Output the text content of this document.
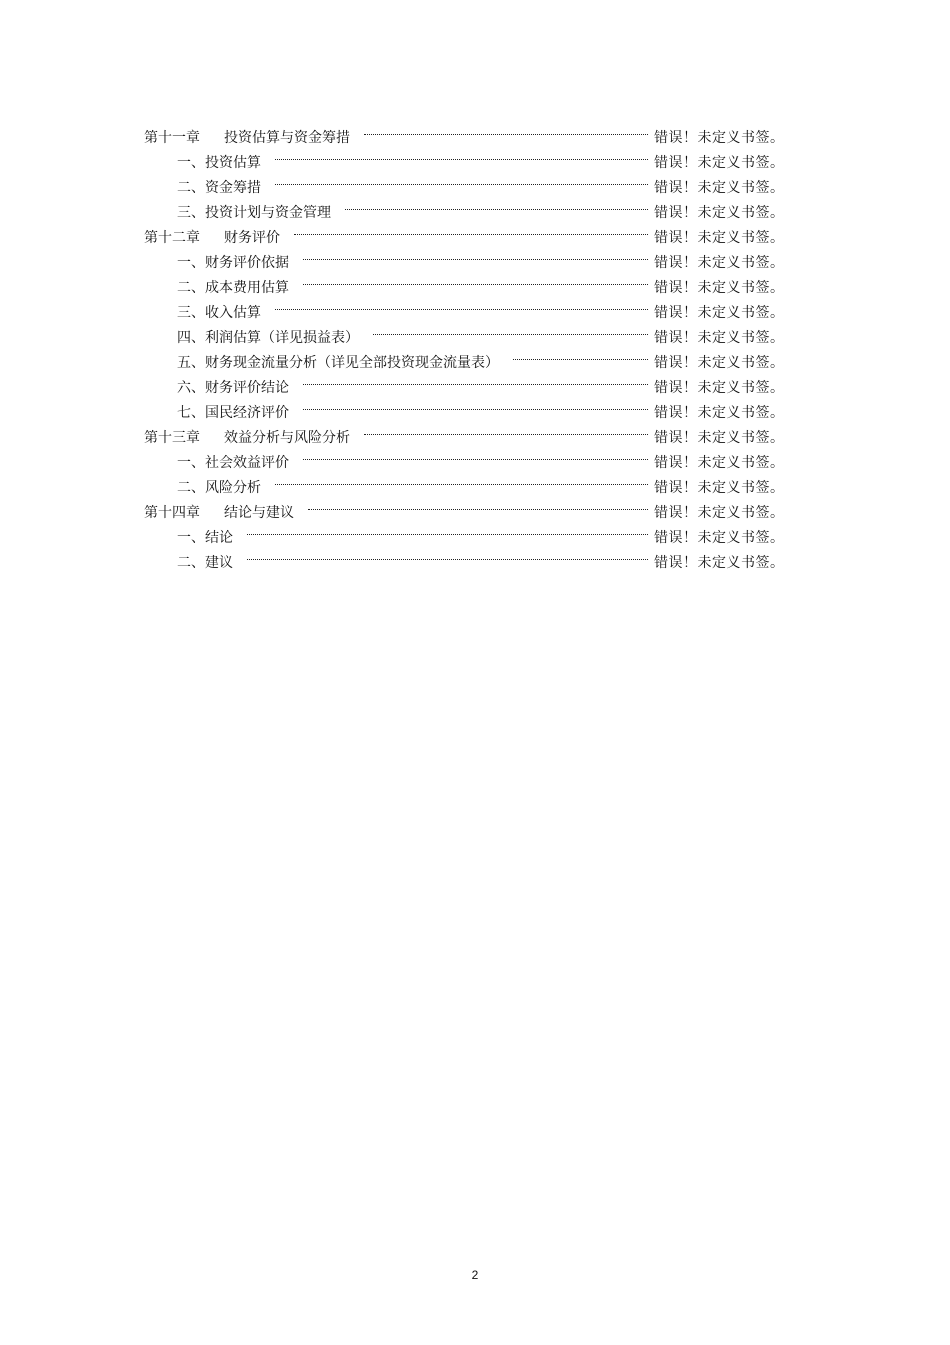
第十一章 投资估算与资金筹措	错误！未定义书签。
一、投资估算	错误！未定义书签。
二、资金筹措	错误！未定义书签。
三、投资计划与资金管理	错误！未定义书签。
第十二章 财务评价	错误！未定义书签。
一、财务评价依据	错误！未定义书签。
二、成本费用估算	错误！未定义书签。
三、收入估算	错误！未定义书签。
四、利润估算（详见损益表）	错误！未定义书签。
五、财务现金流量分析（详见全部投资现金流量表）	错误！未定义书签。
六、财务评价结论	错误！未定义书签。
七、国民经济评价	错误！未定义书签。
第十三章 效益分析与风险分析	错误！未定义书签。
一、社会效益评价	错误！未定义书签。
二、风险分析	错误！未定义书签。
第十四章 结论与建议	错误！未定义书签。
一、结论	错误！未定义书签。
二、建议	错误！未定义书签。
2
